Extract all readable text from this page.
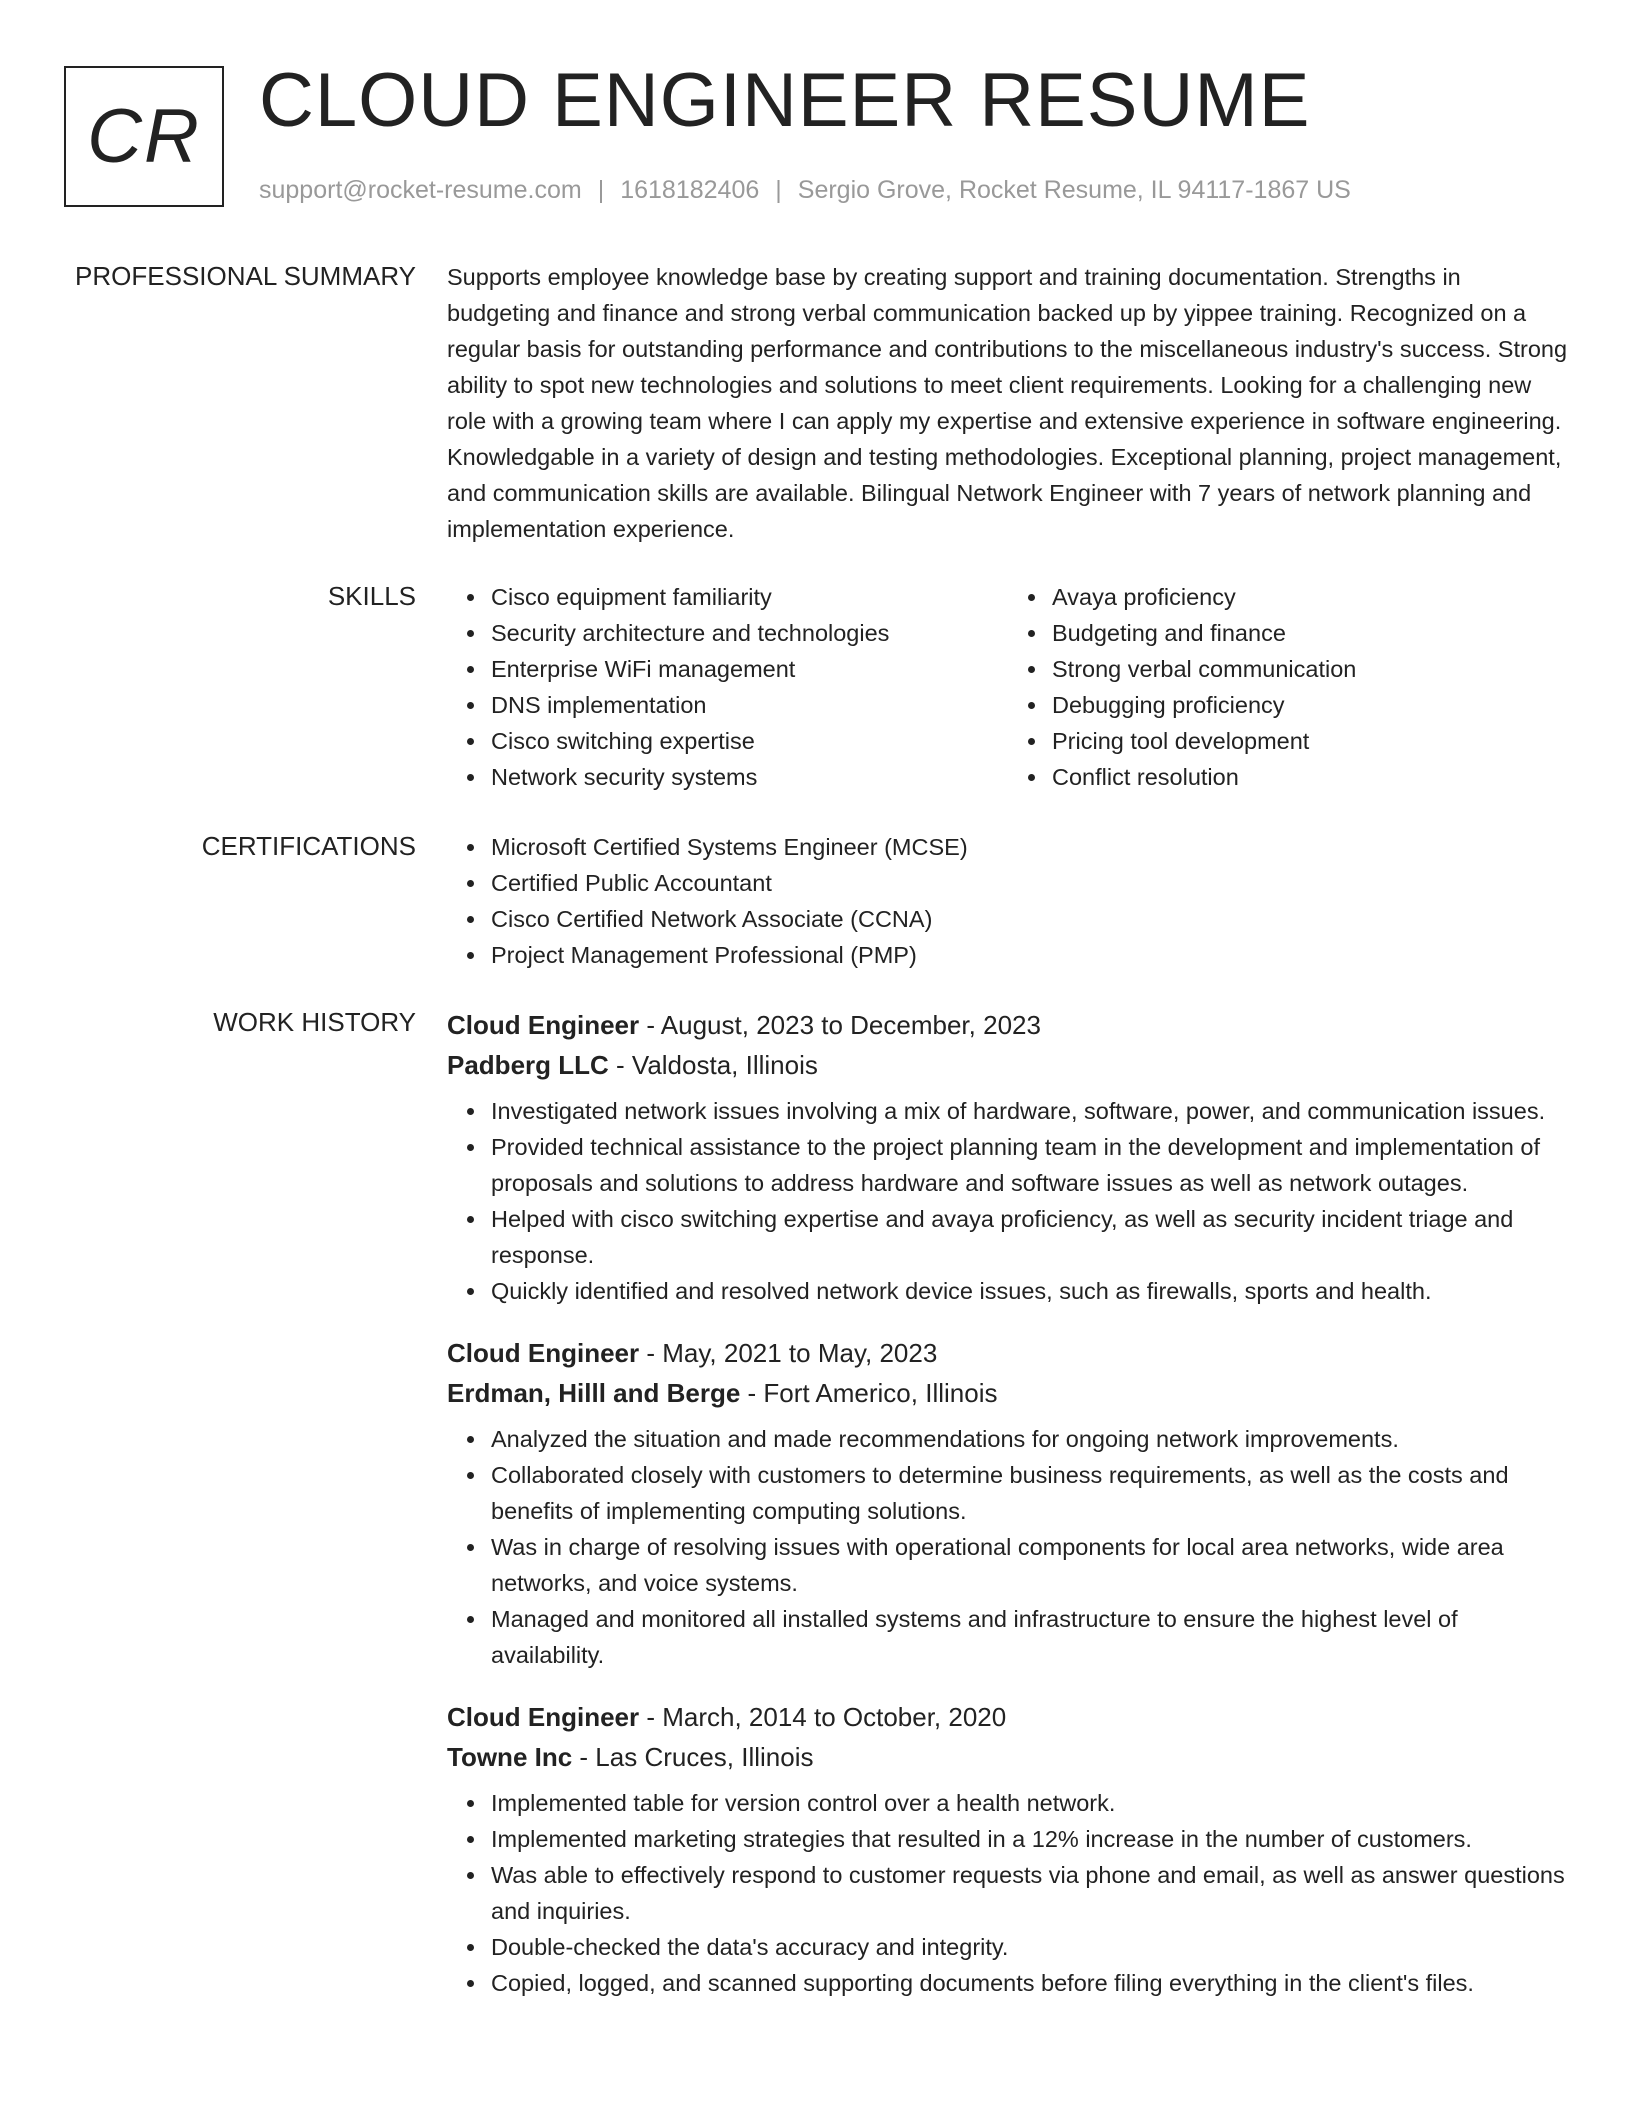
CR CLOUD ENGINEER RESUME
support@rocket-resume.com | 1618182406 | Sergio Grove, Rocket Resume, IL 94117-1867 US
PROFESSIONAL SUMMARY Supports employee knowledge base by creating support and training documentation. Strengths in budgeting and finance and strong verbal communication backed up by yippee training. Recognized on a regular basis for outstanding performance and contributions to the miscellaneous industry's success. Strong ability to spot new technologies and solutions to meet client requirements. Looking for a challenging new role with a growing team where I can apply my expertise and extensive experience in software engineering. Knowledgable in a variety of design and testing methodologies. Exceptional planning, project management, and communication skills are available. Bilingual Network Engineer with 7 years of network planning and implementation experience.

SKILLS	Cisco equipment familiarity
Security architecture and technologies
Enterprise WiFi management
DNS implementation
Cisco switching expertise
Network security systems
Avaya proficiency
Budgeting and finance
Strong verbal communication
Debugging proficiency
Pricing tool development
Conflict resolution
CERTIFICATIONS	Microsoft Certified Systems Engineer (MCSE)
Certified Public Accountant
Cisco Certified Network Associate (CCNA)
Project Management Professional (PMP)
WORK HISTORY Cloud Engineer - August, 2023 to December, 2023
Padberg LLC - Valdosta, Illinois
Investigated network issues involving a mix of hardware, software, power, and communication issues.
Provided technical assistance to the project planning team in the development and implementation of proposals and solutions to address hardware and software issues as well as network outages.
Helped with cisco switching expertise and avaya proficiency, as well as security incident triage and response.
Quickly identified and resolved network device issues, such as firewalls, sports and health.
Cloud Engineer - May, 2021 to May, 2023
Erdman, Hilll and Berge - Fort Americo, Illinois
Analyzed the situation and made recommendations for ongoing network improvements.
Collaborated closely with customers to determine business requirements, as well as the costs and benefits of implementing computing solutions.
Was in charge of resolving issues with operational components for local area networks, wide area networks, and voice systems.
Managed and monitored all installed systems and infrastructure to ensure the highest level of availability.
Cloud Engineer - March, 2014 to October, 2020
Towne Inc - Las Cruces, Illinois
Implemented table for version control over a health network.
Implemented marketing strategies that resulted in a 12% increase in the number of customers.
Was able to effectively respond to customer requests via phone and email, as well as answer questions and inquiries.
Double-checked the data's accuracy and integrity.
Copied, logged, and scanned supporting documents before filing everything in the client's files.
